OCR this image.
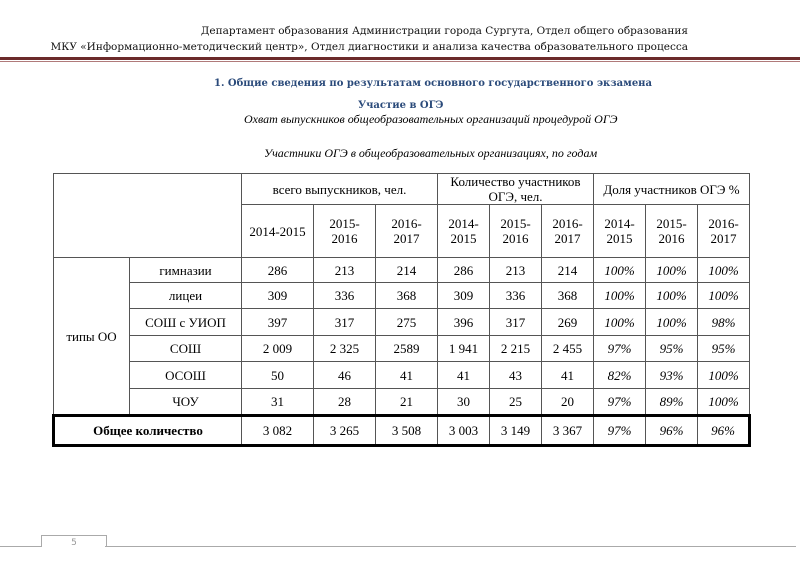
Департамент образования Администрации города Сургута, Отдел общего образования
МКУ «Информационно-методический центр», Отдел диагностики и анализа качества образовательного процесса
1. Общие сведения по результатам основного государственного экзамена
Участие в ОГЭ
Охват выпускников общеобразовательных организаций процедурой ОГЭ
Участники ОГЭ в общеобразовательных организациях, по годам
		всего выпускников, чел.			Количество участников ОГЭ, чел.			Доля участников ОГЭ %		
		2014-2015	2015-2016	2016-2017	2014-2015	2015-2016	2016-2017	2014-2015	2015-2016	2016-2017
типы ОО	гимназии	286	213	214	286	213	214	100%	100%	100%
	лицеи	309	336	368	309	336	368	100%	100%	100%
	СОШ с УИОП	397	317	275	396	317	269	100%	100%	98%
	СОШ	2 009	2 325	2589	1 941	2 215	2 455	97%	95%	95%
	ОСОШ	50	46	41	41	43	41	82%	93%	100%
	ЧОУ	31	28	21	30	25	20	97%	89%	100%
Общее количество		3 082	3 265	3 508	3 003	3 149	3 367	97%	96%	96%
5
